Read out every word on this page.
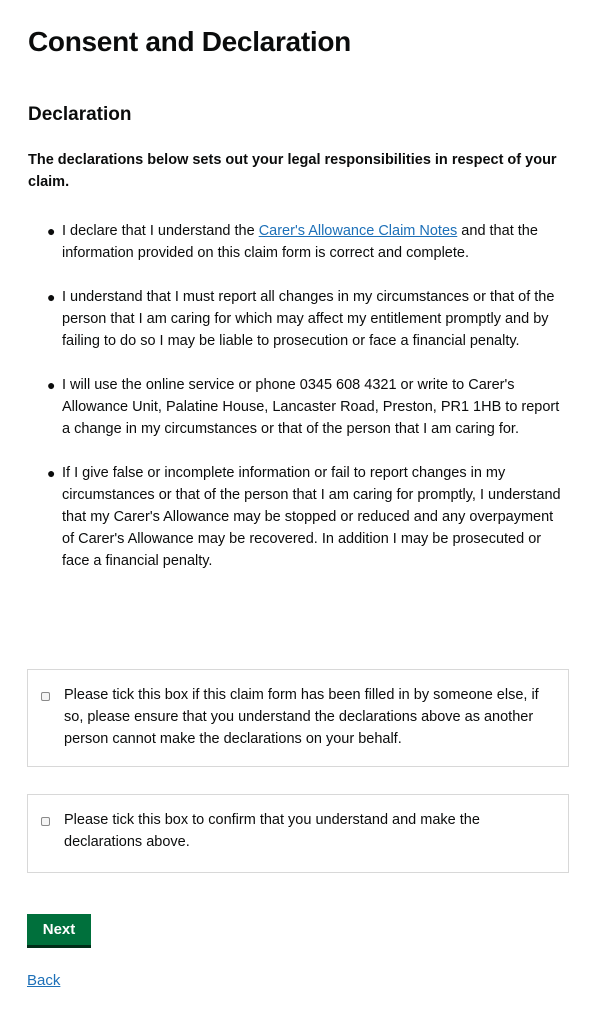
Consent and Declaration
Declaration

The declarations below sets out your legal responsibilities in respect of your claim.

● I declare that I understand the Carer's Allowance Claim Notes and that the information provided on this claim form is correct and complete.
● I understand that I must report all changes in my circumstances or that of the person that I am caring for which may affect my entitlement promptly and by failing to do so I may be liable to prosecution or face a financial penalty.
● I will use the online service or phone 0345 608 4321 or write to Carer's Allowance Unit, Palatine House, Lancaster Road, Preston, PR1 1HB to report a change in my circumstances or that of the person that I am caring for.
● If I give false or incomplete information or fail to report changes in my circumstances or that of the person that I am caring for promptly, I understand that my Carer's Allowance may be stopped or reduced and any overpayment of Carer's Allowance may be recovered. In addition I may be prosecuted or face a financial penalty.
Please tick this box if this claim form has been filled in by someone else, if so, please ensure that you understand the declarations above as another person cannot make the declarations on your behalf.
Please tick this box to confirm that you understand and make the declarations above.
Next
Back
